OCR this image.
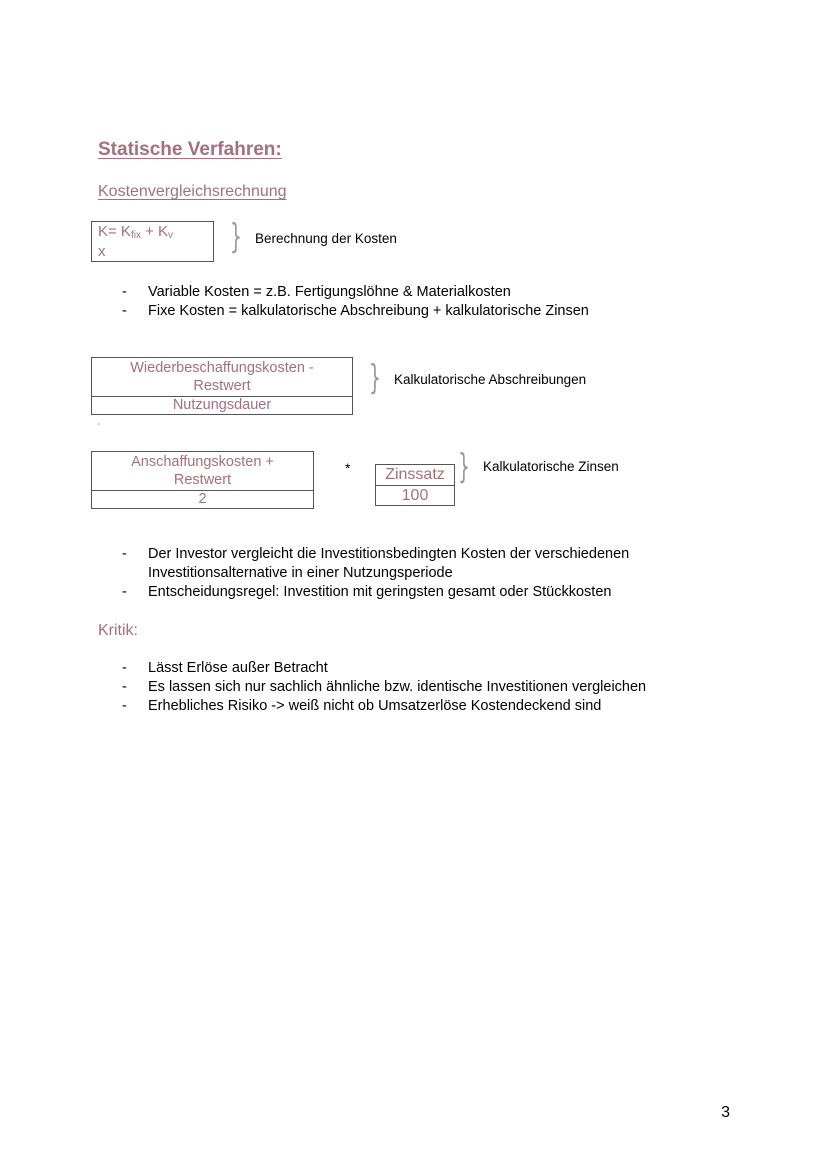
Statische Verfahren:
Kostenvergleichsrechnung
$K= K_{fix} + K_v$
x	} Berechnung der Kosten
- Variable Kosten = z.B. Fertigungslöhne & Materialkosten
- Fixe Kosten = kalkulatorische Abschreibung + kalkulatorische Zinsen
Wiederbeschaffungskosten -
Restwert
Nutzungsdauer
} Kalkulatorische Abschreibungen
-
Anschaffungskosten +
Restwert
2
*	Zinssatz
100
} Kalkulatorische Zinsen
- Der Investor vergleicht die Investitionsbedingten Kosten der verschiedenen
Investitionsalternative in einer Nutzungsperiode
- Entscheidungsregel: Investition mit geringsten gesamt oder Stückkosten
Kritik:
- Lässt Erlöse außer Betracht
- Es lassen sich nur sachlich ähnliche bzw. identische Investitionen vergleichen
- Erhebliches Risiko -> weiß nicht ob Umsatzerlöse Kostendeckend sind
3
